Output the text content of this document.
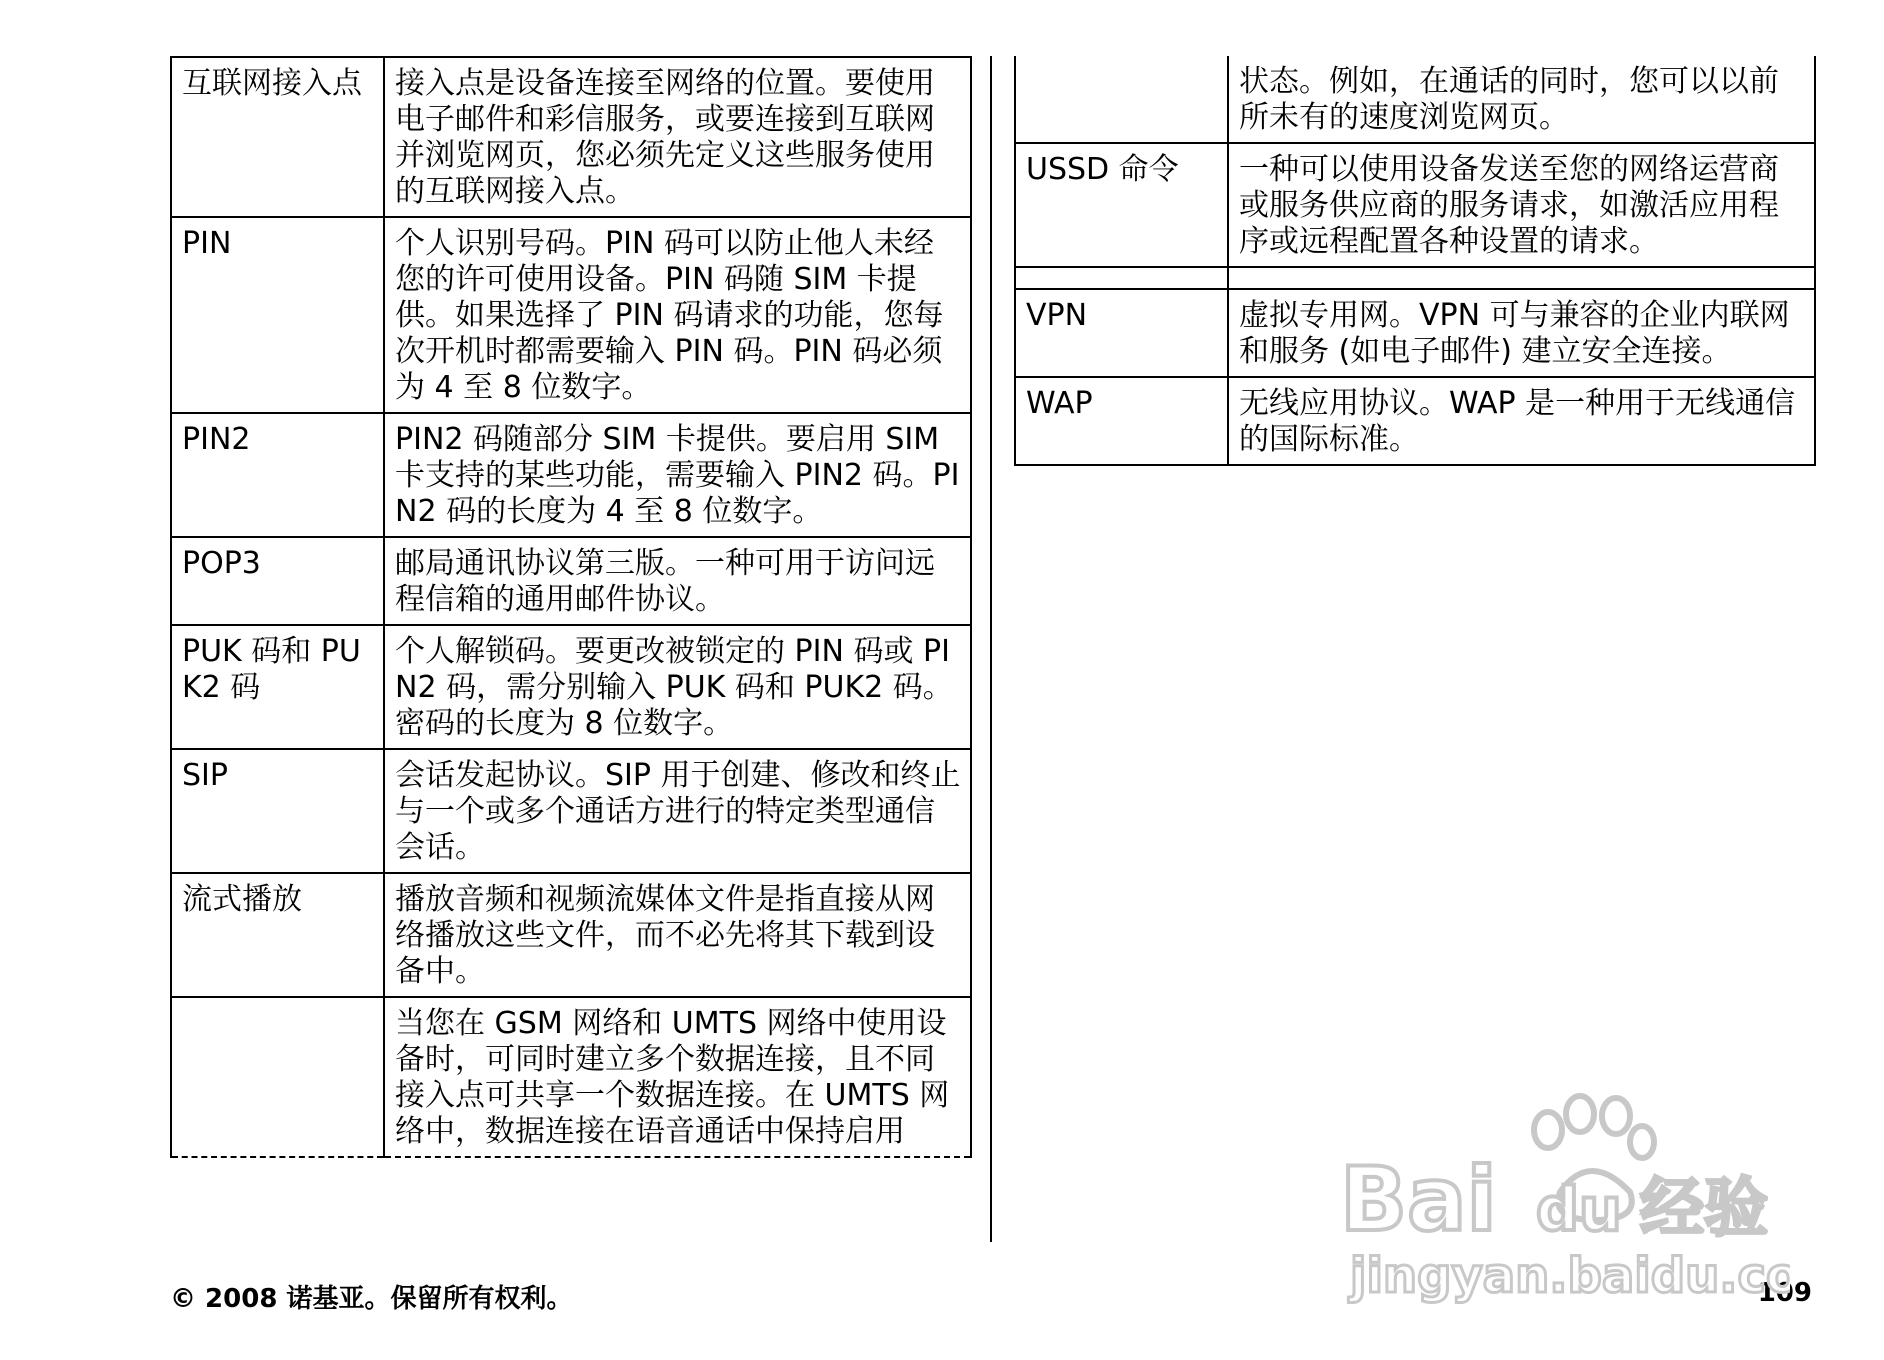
互联网接入点	接入点是设备连接至网络的位置。要使用电子邮件和彩信服务，或要连接到互联网并浏览网页，您必须先定义这些服务使用的互联网接入点。
PIN	个人识别号码。PIN 码可以防止他人未经您的许可使用设备。PIN 码随 SIM 卡提供。如果选择了 PIN 码请求的功能，您每次开机时都需要输入 PIN 码。PIN 码必须为 4 至 8 位数字。
PIN2	PIN2 码随部分 SIM 卡提供。要启用 SIM 卡支持的某些功能，需要输入 PIN2 码。PIN2 码的长度为 4 至 8 位数字。
POP3	邮局通讯协议第三版。一种可用于访问远程信箱的通用邮件协议。
PUK 码和 PUK2 码	个人解锁码。要更改被锁定的 PIN 码或 PIN2 码，需分别输入 PUK 码和 PUK2 码。密码的长度为 8 位数字。
SIP	会话发起协议。SIP 用于创建、修改和终止与一个或多个通话方进行的特定类型通信会话。
流式播放	播放音频和视频流媒体文件是指直接从网络播放这些文件，而不必先将其下载到设备中。
	当您在 GSM 网络和 UMTS 网络中使用设备时，可同时建立多个数据连接，且不同接入点可共享一个数据连接。在 UMTS 网络中，数据连接在语音通话中保持启用
	状态。例如，在通话的同时，您可以以前所未有的速度浏览网页。
USSD 命令	一种可以使用设备发送至您的网络运营商或服务供应商的服务请求，如激活应用程序或远程配置各种设置的请求。

VPN	虚拟专用网。VPN 可与兼容的企业内联网和服务 (如电子邮件) 建立安全连接。
WAP	无线应用协议。WAP 是一种用于无线通信的国际标准。
© 2008 诺基亚。保留所有权利。	109
Bai du 经验
jingyan.baidu.co
